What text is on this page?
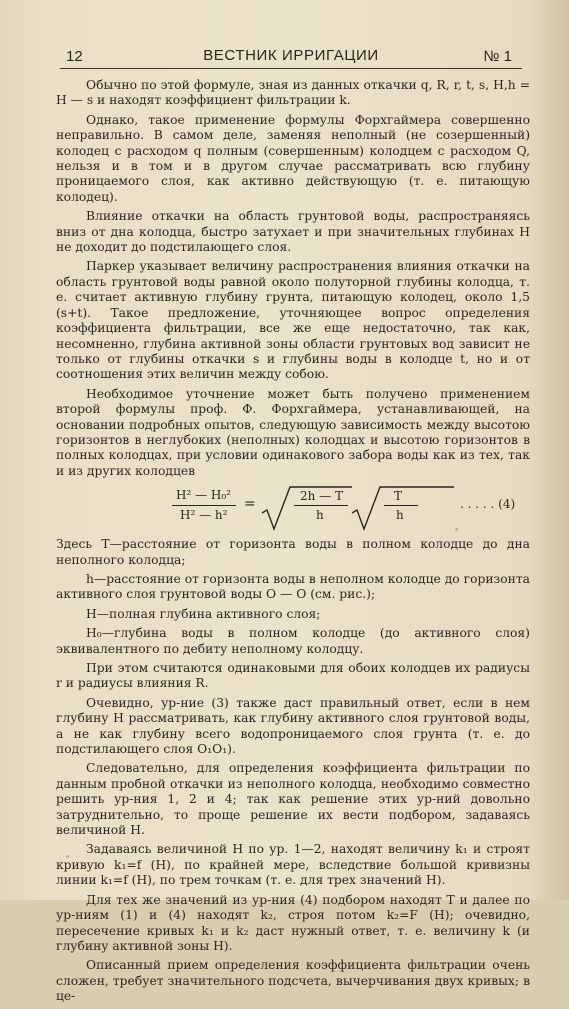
12	ВЕСТНИК ИРРИГАЦИИ	№ 1

Обычно по этой формуле, зная из данных откачки q, R, r, t, s, H,h = H — s и находят коэффициент фильтрации k.

Однако, такое применение формулы Форхгаймера совершенно неправильно. В самом деле, заменяя неполный (не созершенный) колодец с расходом q полным (совершенным) колодцем с расходом Q, нельзя и в том и в другом случае рассматривать всю глубину проницаемого слоя, как активно действующую (т. е. питающую колодец).

Влияние откачки на область грунтовой воды, распространяясь вниз от дна колодца, быстро затухает и при значительных глубинах H не доходит до подстилающего слоя.

Паркер указывает величину распространения влияния откачки на область грунтовой воды равной около полуторной глубины колодца, т. е. считает активную глубину грунта, питающую колодец, около 1,5 (s+t). Такое предложение, уточняющее вопрос определения коэффициента фильтрации, все же еще недостаточно, так как, несомненно, глубина активной зоны области грунтовых вод зависит не только от глубины откачки s и глубины воды в колодце t, но и от соотношения этих величин между собою.

Необходимое уточнение может быть получено применением второй формулы проф. Ф. Форхгаймера, устанавливающей, на основании подробных опытов, следующую зависимость между высотою горизонтов в неглубоких (неполных) колодцах и высотою горизонтов в полных колодцах, при условии одинакового забора воды как из тех, так и из других колодцев

H² — H₀²
H² — h²
=	2h — T
h
T
h
. . . . . (4)

Здесь T—расстояние от горизонта воды в полном колодце до дна неполного колодца;

h—расстояние от горизонта воды в неполном колодце до горизонта активного слоя грунтовой воды O — O (см. рис.);

H—полная глубина активного слоя;

H₀—глубина воды в полном колодце (до активного слоя) эквивалентного по дебиту неполному колодцу.

При этом считаются одинаковыми для обоих колодцев их радиусы r и радиусы влияния R.

Очевидно, ур-ние (3) также даст правильный ответ, если в нем глубину H рассматривать, как глубину активного слоя грунтовой воды, а не как глубину всего водопроницаемого слоя грунта (т. е. до подстилающего слоя O₁O₁).

Следовательно, для определения коэффициента фильтрации по данным пробной откачки из неполного колодца, необходимо совместно решить ур-ния 1, 2 и 4; так как решение этих ур-ний довольно затруднительно, то проще решение их вести подбором, задаваясь величиной H.

Задаваясь величиной H по ур. 1—2, находят величину k₁ и строят кривую k₁=f (H), по крайней мере, вследствие большой кривизны линии k₁=f (H), по трем точкам (т. е. для трех значений H).

Для тех же значений из ур-ния (4) подбором находят T и далее по ур-ниям (1) и (4) находят k₂, строя потом k₂=F (H); очевидно, пересечение кривых k₁ и k₂ даст нужный ответ, т. е. величину k (и глубину активной зоны H).

Описанный прием определения коэффициента фильтрации очень сложен, требует значительного подсчета, вычерчивания двух кривых; в це-
